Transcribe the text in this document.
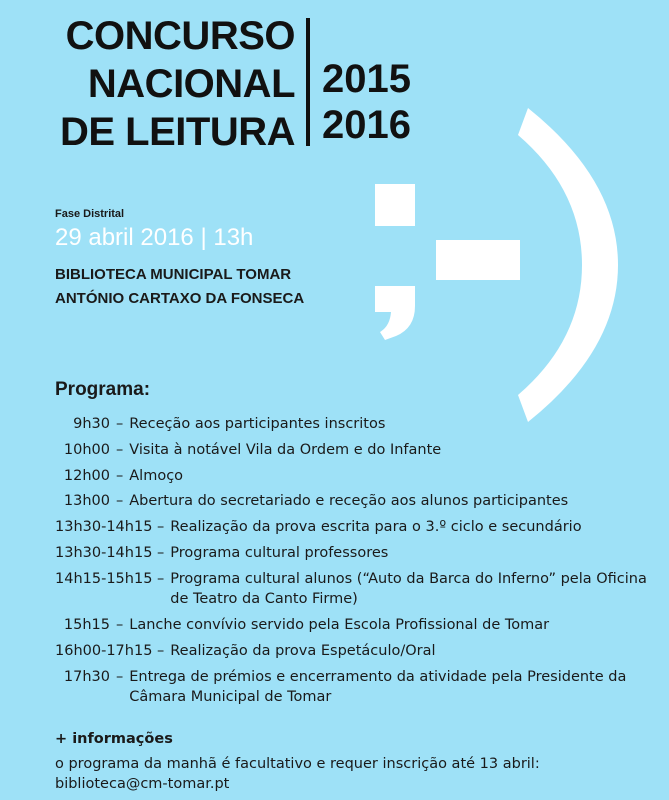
CONCURSO
NACIONAL
DE LEITURA
2015
2016
Fase Distrital
29 abril 2016 | 13h
BIBLIOTECA MUNICIPAL TOMAR
ANTÓNIO CARTAXO DA FONSECA
Programa:
9h30 – Receção aos participantes inscritos
10h00 – Visita à notável Vila da Ordem e do Infante
12h00 – Almoço
13h00 – Abertura do secretariado e receção aos alunos participantes
13h30-14h15 – Realização da prova escrita para o 3.º ciclo e secundário
13h30-14h15 – Programa cultural professores
14h15-15h15 – Programa cultural alunos (“Auto da Barca do Inferno” pela Oficina de Teatro da Canto Firme)
15h15 – Lanche convívio servido pela Escola Profissional de Tomar
16h00-17h15 – Realização da prova Espetáculo/Oral
17h30 – Entrega de prémios e encerramento da atividade pela Presidente da Câmara Municipal de Tomar
+ informações
o programa da manhã é facultativo e requer inscrição até 13 abril:
biblioteca@cm-tomar.pt
